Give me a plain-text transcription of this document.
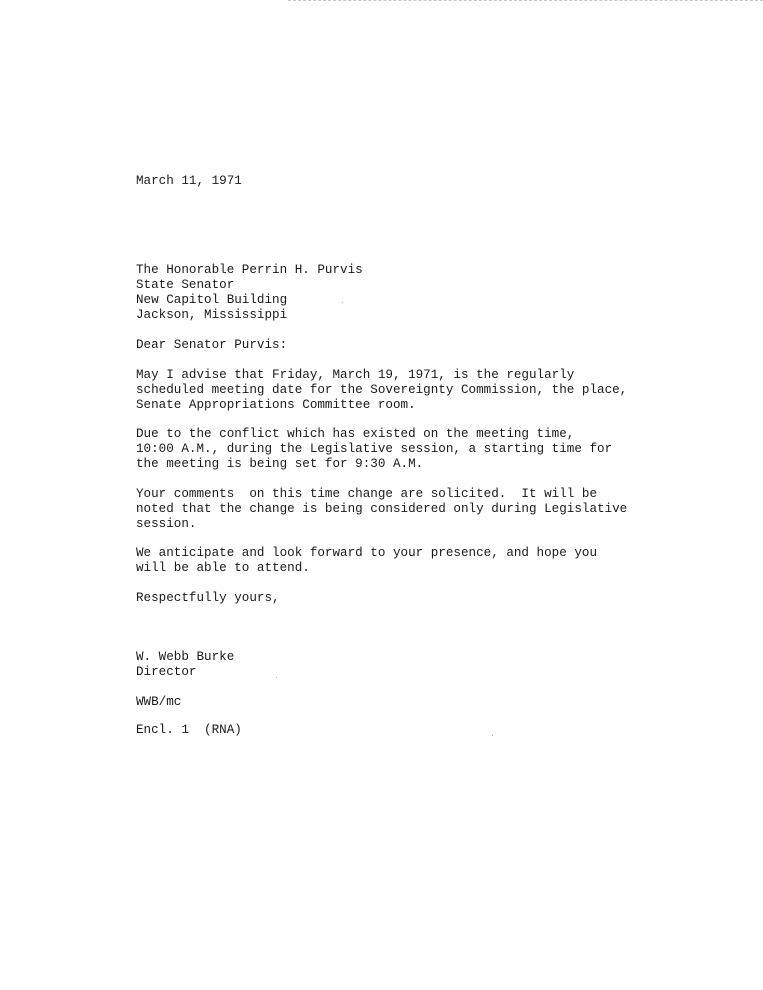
March 11, 1971
The Honorable Perrin H. Purvis
State Senator
New Capitol Building
Jackson, Mississippi
Dear Senator Purvis:
May I advise that Friday, March 19, 1971, is the regularly
scheduled meeting date for the Sovereignty Commission, the place,
Senate Appropriations Committee room.
Due to the conflict which has existed on the meeting time,
10:00 A.M., during the Legislative session, a starting time for
the meeting is being set for 9:30 A.M.
Your comments  on this time change are solicited.  It will be
noted that the change is being considered only during Legislative
session.
We anticipate and look forward to your presence, and hope you
will be able to attend.
Respectfully yours,
W. Webb Burke
Director
WWB/mc
Encl. 1  (RNA)
